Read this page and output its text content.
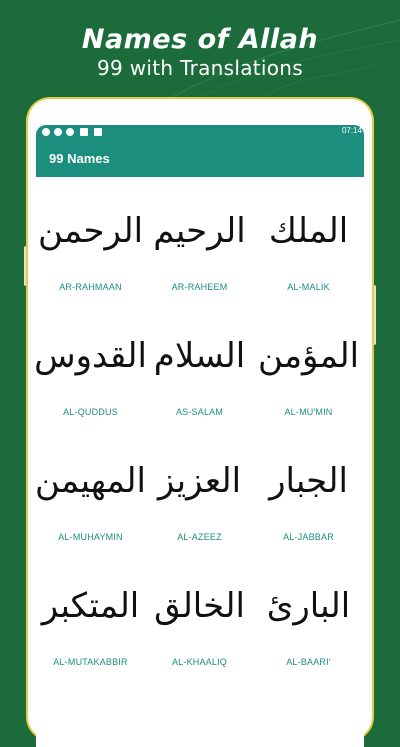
Names of Allah
99 with Translations
07:14
99 Names
الرحمن
AR-RAHMAAN
الرحيم
AR-RAHEEM
الملك
AL-MALIK
القدوس
AL-QUDDUS
السلام
AS-SALAM
المؤمن
AL-MU'MIN
المهيمن
AL-MUHAYMIN
العزيز
AL-AZEEZ
الجبار
AL-JABBAR
المتكبر
AL-MUTAKABBIR
الخالق
AL-KHAALIQ
البارئ
AL-BAARI'
